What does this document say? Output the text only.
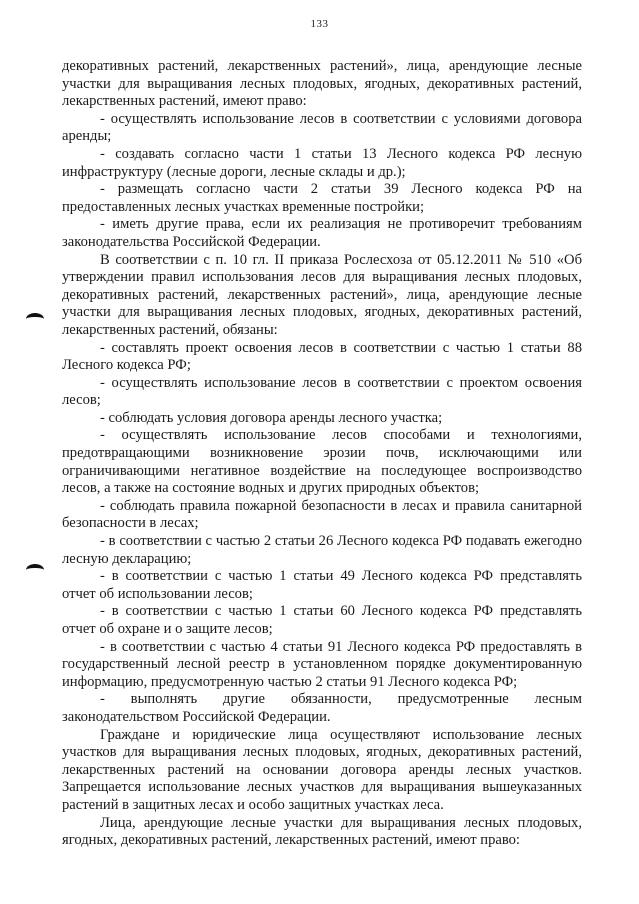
133

декоративных растений, лекарственных растений», лица, арендующие лесные участки для выращивания лесных плодовых, ягодных, декоративных растений, лекарственных растений, имеют право:

- осуществлять использование лесов в соответствии с условиями договора аренды;

- создавать согласно части 1 статьи 13 Лесного кодекса РФ лесную инфраструктуру (лесные дороги, лесные склады и др.);

- размещать согласно части 2 статьи 39 Лесного кодекса РФ на предоставленных лесных участках временные постройки;

- иметь другие права, если их реализация не противоречит требованиям законодательства Российской Федерации.

В соответствии с п. 10 гл. II приказа Рослесхоза от 05.12.2011 № 510 «Об утверждении правил использования лесов для выращивания лесных плодовых, декоративных растений, лекарственных растений», лица, арендующие лесные участки для выращивания лесных плодовых, ягодных, декоративных растений, лекарственных растений, обязаны:

- составлять проект освоения лесов в соответствии с частью 1 статьи 88 Лесного кодекса РФ;

- осуществлять использование лесов в соответствии с проектом освоения лесов;

- соблюдать условия договора аренды лесного участка;

- осуществлять использование лесов способами и технологиями, предотвращающими возникновение эрозии почв, исключающими или ограничивающими негативное воздействие на последующее воспроизводство лесов, а также на состояние водных и других природных объектов;

- соблюдать правила пожарной безопасности в лесах и правила санитарной безопасности в лесах;

- в соответствии с частью 2 статьи 26 Лесного кодекса РФ подавать ежегодно лесную декларацию;

- в соответствии с частью 1 статьи 49 Лесного кодекса РФ представлять отчет об использовании лесов;

- в соответствии с частью 1 статьи 60 Лесного кодекса РФ представлять отчет об охране и о защите лесов;

- в соответствии с частью 4 статьи 91 Лесного кодекса РФ предоставлять в государственный лесной реестр в установленном порядке документированную информацию, предусмотренную частью 2 статьи 91 Лесного кодекса РФ;

- выполнять другие обязанности, предусмотренные лесным законодательством Российской Федерации.

Граждане и юридические лица осуществляют использование лесных участков для выращивания лесных плодовых, ягодных, декоративных растений, лекарственных растений на основании договора аренды лесных участков. Запрещается использование лесных участков для выращивания вышеуказанных растений в защитных лесах и особо защитных участках леса.

Лица, арендующие лесные участки для выращивания лесных плодовых, ягодных, декоративных растений, лекарственных растений, имеют право:
